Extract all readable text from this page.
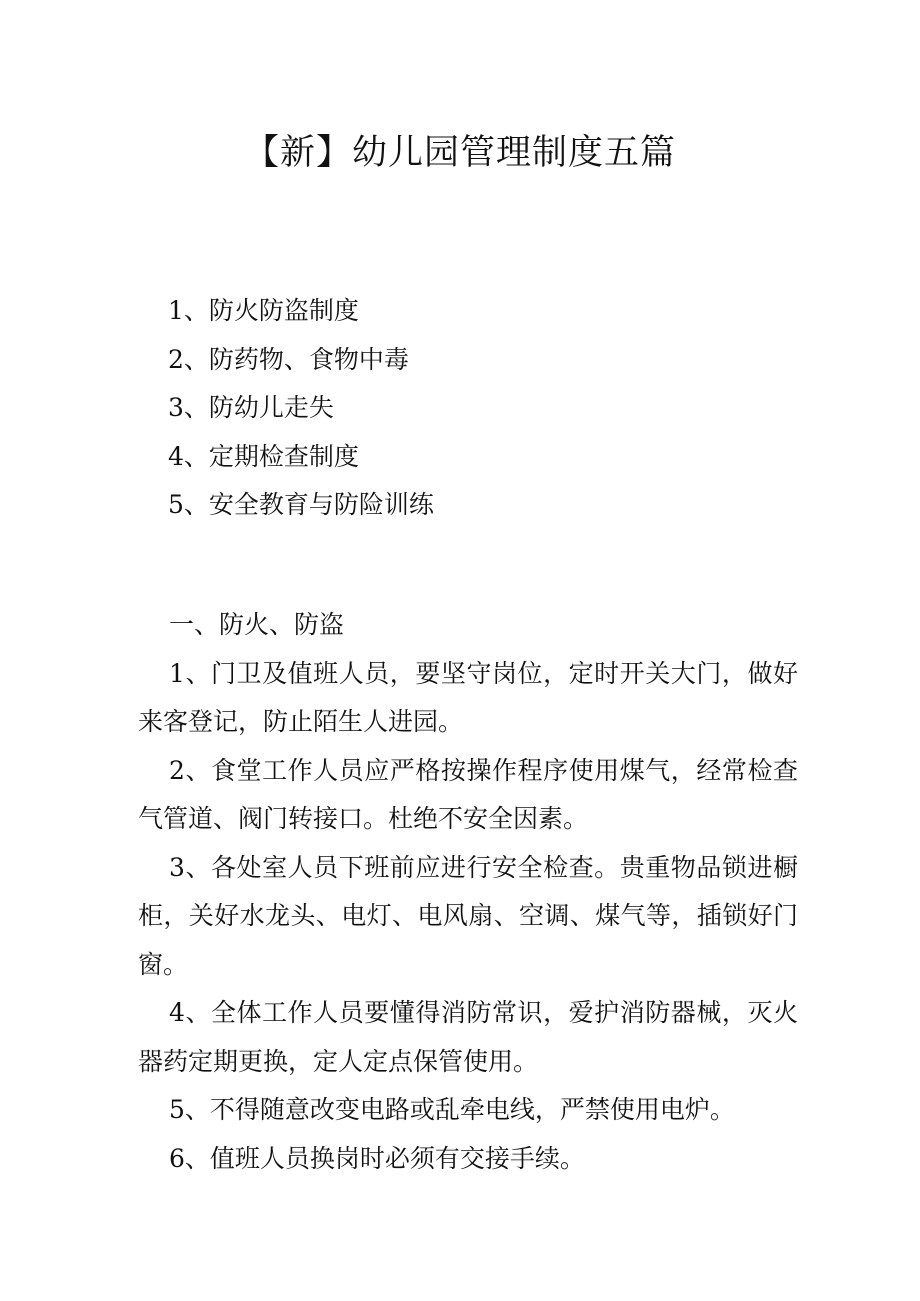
【新】幼儿园管理制度五篇
1、防火防盗制度
2、防药物、食物中毒
3、防幼儿走失
4、定期检查制度
5、安全教育与防险训练

一、防火、防盗

1、门卫及值班人员，要坚守岗位，定时开关大门，做好来客登记，防止陌生人进园。

2、食堂工作人员应严格按操作程序使用煤气，经常检查气管道、阀门转接口。杜绝不安全因素。

3、各处室人员下班前应进行安全检查。贵重物品锁进橱柜，关好水龙头、电灯、电风扇、空调、煤气等，插锁好门窗。

4、全体工作人员要懂得消防常识，爱护消防器械，灭火器药定期更换，定人定点保管使用。

5、不得随意改变电路或乱牵电线，严禁使用电炉。

6、值班人员换岗时必须有交接手续。
